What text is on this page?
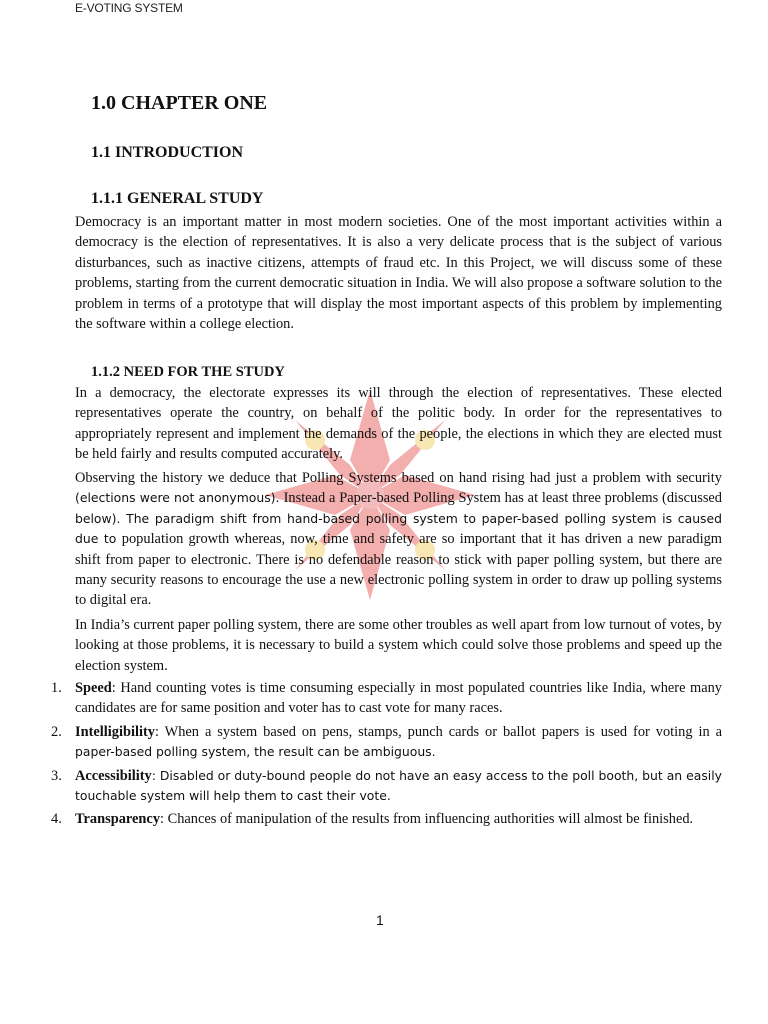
E-VOTING SYSTEM
1.0 CHAPTER ONE
1.1 INTRODUCTION
1.1.1 GENERAL STUDY

Democracy is an important matter in most modern societies. One of the most important activities within a democracy is the election of representatives. It is also a very delicate process that is the subject of various disturbances, such as inactive citizens, attempts of fraud etc. In this Project, we will discuss some of these problems, starting from the current democratic situation in India. We will also propose a software solution to the problem in terms of a prototype that will display the most important aspects of this problem by implementing the software within a college election.

1.1.2 NEED FOR THE STUDY

In a democracy, the electorate expresses its will through the election of representatives. These elected representatives operate the country, on behalf of the politic body. In order for the representatives to appropriately represent and implement the demands of the people, the elections in which they are elected must be held fairly and results computed accurately.

Observing the history we deduce that Polling Systems based on hand rising had just a problem with security (elections were not anonymous). Instead a Paper-based Polling System has at least three problems (discussed below). The paradigm shift from hand-based polling system to paper-based polling system is caused due to population growth whereas, now, time and safety are so important that it has driven a new paradigm shift from paper to electronic. There is no defendable reason to stick with paper polling system, but there are many security reasons to encourage the use a new electronic polling system in order to draw up polling systems to digital era.

In India’s current paper polling system, there are some other troubles as well apart from low turnout of votes, by looking at those problems, it is necessary to build a system which could solve those problems and speed up the election system.

1. Speed: Hand counting votes is time consuming especially in most populated countries like India, where many candidates are for same position and voter has to cast vote for many races.
2. Intelligibility: When a system based on pens, stamps, punch cards or ballot papers is used for voting in a paper-based polling system, the result can be ambiguous.
3. Accessibility: Disabled or duty-bound people do not have an easy access to the poll booth, but an easily touchable system will help them to cast their vote.
4. Transparency: Chances of manipulation of the results from influencing authorities will almost be finished.
1
